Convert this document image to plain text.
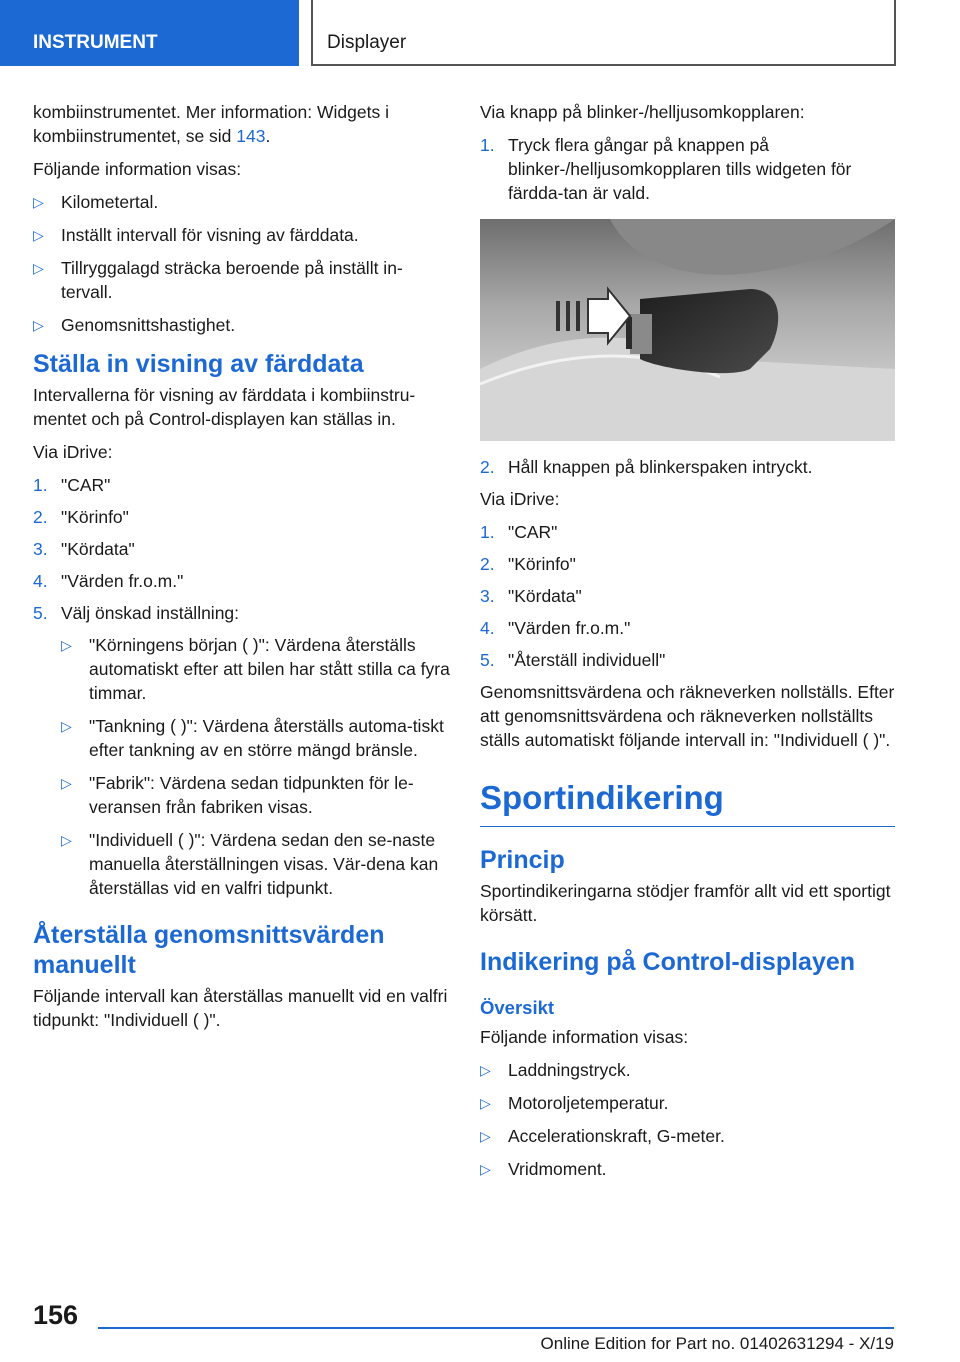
INSTRUMENT	Displayer

kombiinstrumentet. Mer information: Widgets i kombiinstrumentet, se sid 143.

Följande information visas:

▷ Kilometertal.
▷ Inställt intervall för visning av färddata.
▷ Tillryggalagd sträcka beroende på inställt in‐tervall.
▷ Genomsnittshastighet.
Ställa in visning av färddata

Intervallerna för visning av färddata i kombiinstru‐mentet och på Control-displayen kan ställas in.

Via iDrive:

1. "CAR"
2. "Körinfo"
3. "Kördata"
4. "Värden fr.o.m."
5. Välj önskad inställning:
▷ "Körningens början ( )": Värdena återställs automatiskt efter att bilen har stått stilla ca fyra timmar.
▷ "Tankning ( )": Värdena återställs automa‐tiskt efter tankning av en större mängd bränsle.
▷ "Fabrik": Värdena sedan tidpunkten för le‐veransen från fabriken visas.
▷ "Individuell ( )": Värdena sedan den se‐naste manuella återställningen visas. Vär‐dena kan återställas vid en valfri tidpunkt.
Återställa genomsnittsvärden manuellt

Följande intervall kan återställas manuellt vid en valfri tidpunkt: "Individuell ( )".

Via knapp på blinker-/helljusomkopplaren:

1. Tryck flera gångar på knappen på blinker-/helljusomkopplaren tills widgeten för färdda‐tan är vald.
2. Håll knappen på blinkerspaken intryckt.

Via iDrive:

1. "CAR"
2. "Körinfo"
3. "Kördata"
4. "Värden fr.o.m."
5. "Återställ individuell"

Genomsnittsvärdena och räkneverken nollställs. Efter att genomsnittsvärdena och räkneverken nollställts ställs automatiskt följande intervall in: "Individuell ( )".

Sportindikering
Princip

Sportindikeringarna stödjer framför allt vid ett sportigt körsätt.

Indikering på Control-displayen
Översikt

Följande information visas:

▷ Laddningstryck.
▷ Motoroljetemperatur.
▷ Accelerationskraft, G-meter.
▷ Vridmoment.
156
Online Edition for Part no. 01402631294 - X/19
